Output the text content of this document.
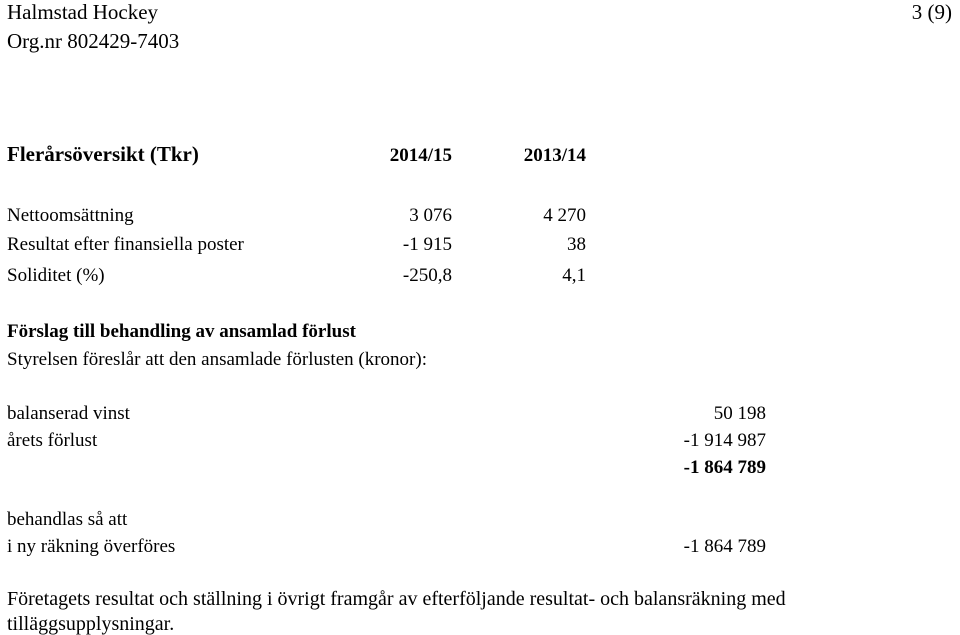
Halmstad Hockey
Org.nr 802429-7403
3 (9)
Flerårsöversikt (Tkr)	2014/15	2013/14
Nettoomsättning	3 076	4 270
Resultat efter finansiella poster	-1 915	38
Soliditet (%)	-250,8	4,1
Förslag till behandling av ansamlad förlust
Styrelsen föreslår att den ansamlade förlusten (kronor):
balanserad vinst	50 198
årets förlust	-1 914 987
-1 864 789
behandlas så att
i ny räkning överföres	-1 864 789
Företagets resultat och ställning i övrigt framgår av efterföljande resultat- och balansräkning med
tilläggsupplysningar.
